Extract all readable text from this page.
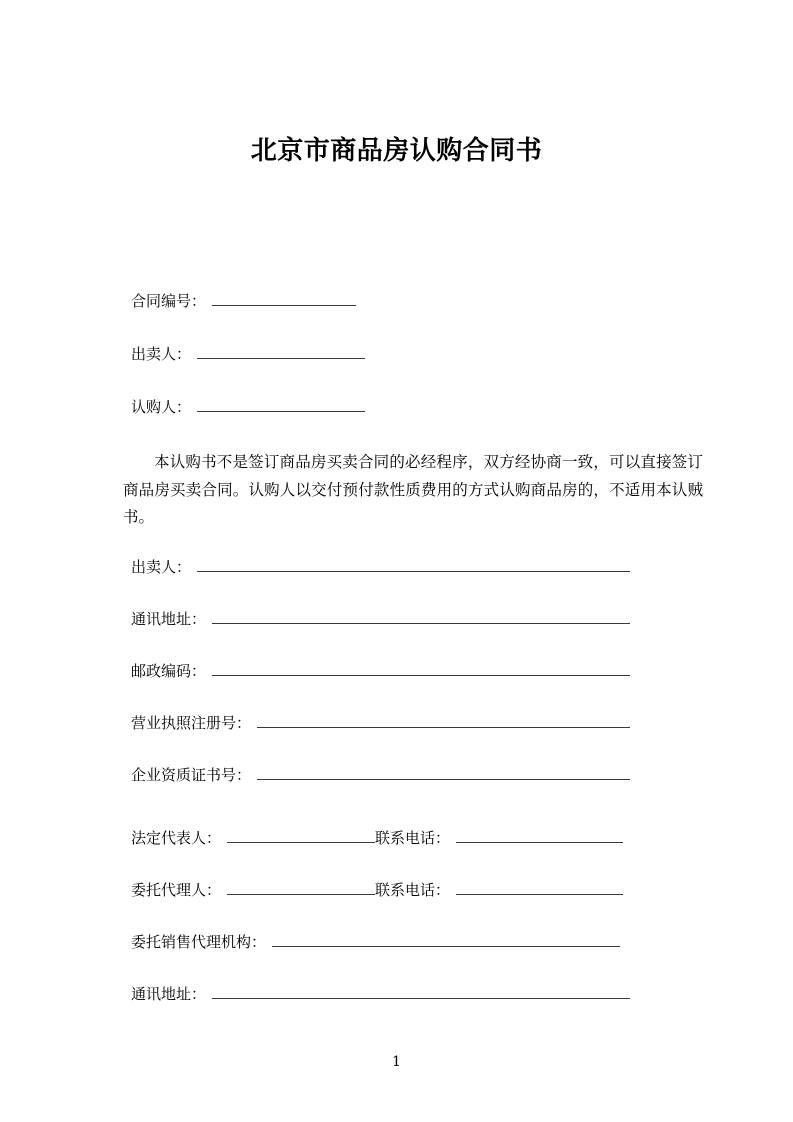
北京市商品房认购合同书
合同编号：
出卖人：
认购人：
本认购书不是签订商品房买卖合同的必经程序，双方经协商一致，可以直接签订商品房买卖合同。认购人以交付预付款性质费用的方式认购商品房的，不适用本认贼书。
出卖人：
通讯地址：
邮政编码：
营业执照注册号：
企业资质证书号：
法定代表人：	联系电话：
委托代理人：	联系电话：
委托销售代理机构：
通讯地址：
1
